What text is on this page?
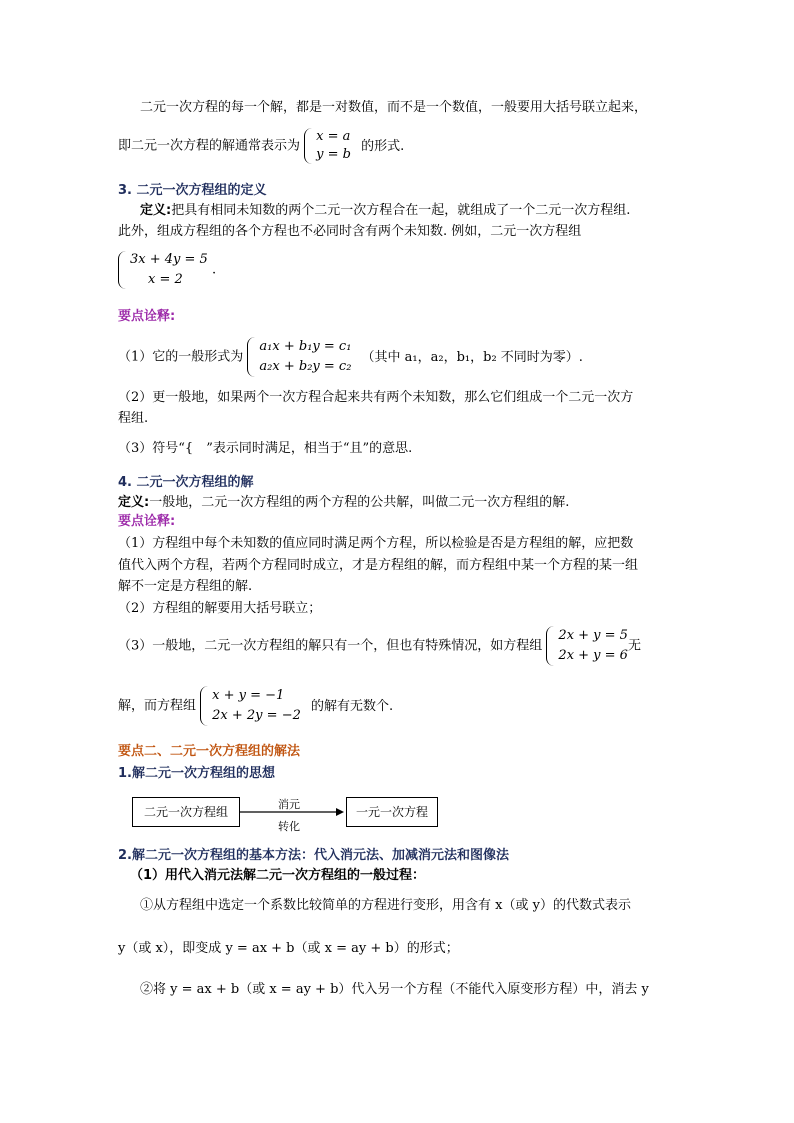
二元一次方程的每一个解，都是一对数值，而不是一个数值，一般要用大括号联立起来，
即二元一次方程的解通常表示为
x = a
y = b
的形式.
3. 二元一次方程组的定义
定义:把具有相同未知数的两个二元一次方程合在一起，就组成了一个二元一次方程组.
此外，组成方程组的各个方程也不必同时含有两个未知数. 例如，二元一次方程组
3x + 4y = 5
x = 2
.
要点诠释:
（1）它的一般形式为
a₁x + b₁y = c₁
a₂x + b₂y = c₂
（其中 a₁，a₂，b₁，b₂ 不同时为零）.
（2）更一般地，如果两个一次方程合起来共有两个未知数，那么它们组成一个二元一次方
程组.
（3）符号“{　”表示同时满足，相当于“且”的意思.
4. 二元一次方程组的解
定义:一般地，二元一次方程组的两个方程的公共解，叫做二元一次方程组的解.
要点诠释:
（1）方程组中每个未知数的值应同时满足两个方程，所以检验是否是方程组的解，应把数
值代入两个方程，若两个方程同时成立，才是方程组的解，而方程组中某一个方程的某一组
解不一定是方程组的解.
（2）方程组的解要用大括号联立；
（3）一般地，二元一次方程组的解只有一个，但也有特殊情况，如方程组
2x + y = 5
2x + y = 6
无
解，而方程组
x + y = −1
2x + 2y = −2
的解有无数个.
要点二、二元一次方程组的解法
1.解二元一次方程组的思想
二元一次方程组
消元
转化
一元一次方程
2.解二元一次方程组的基本方法：代入消元法、加减消元法和图像法
（1）用代入消元法解二元一次方程组的一般过程：
①从方程组中选定一个系数比较简单的方程进行变形，用含有 x（或 y）的代数式表示
y（或 x），即变成 y = ax + b（或 x = ay + b）的形式；
②将 y = ax + b（或 x = ay + b）代入另一个方程（不能代入原变形方程）中，消去 y
